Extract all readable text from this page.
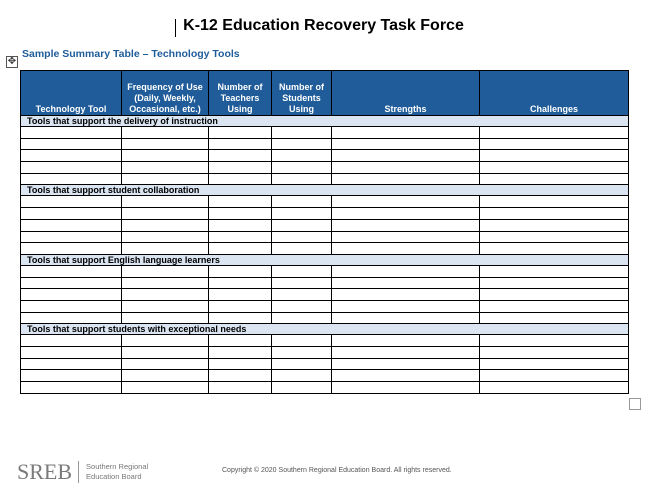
K-12 Education Recovery Task Force
✥
Sample Summary Table – Technology Tools
Technology Tool	Frequency of Use (Daily, Weekly, Occasional, etc.)	Number of Teachers Using	Number of Students Using	Strengths	Challenges
Tools that support the delivery of instruction					

Tools that support student collaboration					

Tools that support English language learners					

Tools that support students with exceptional needs					

SREB Southern Regional
Education Board
Copyright © 2020 Southern Regional Education Board. All rights reserved.
